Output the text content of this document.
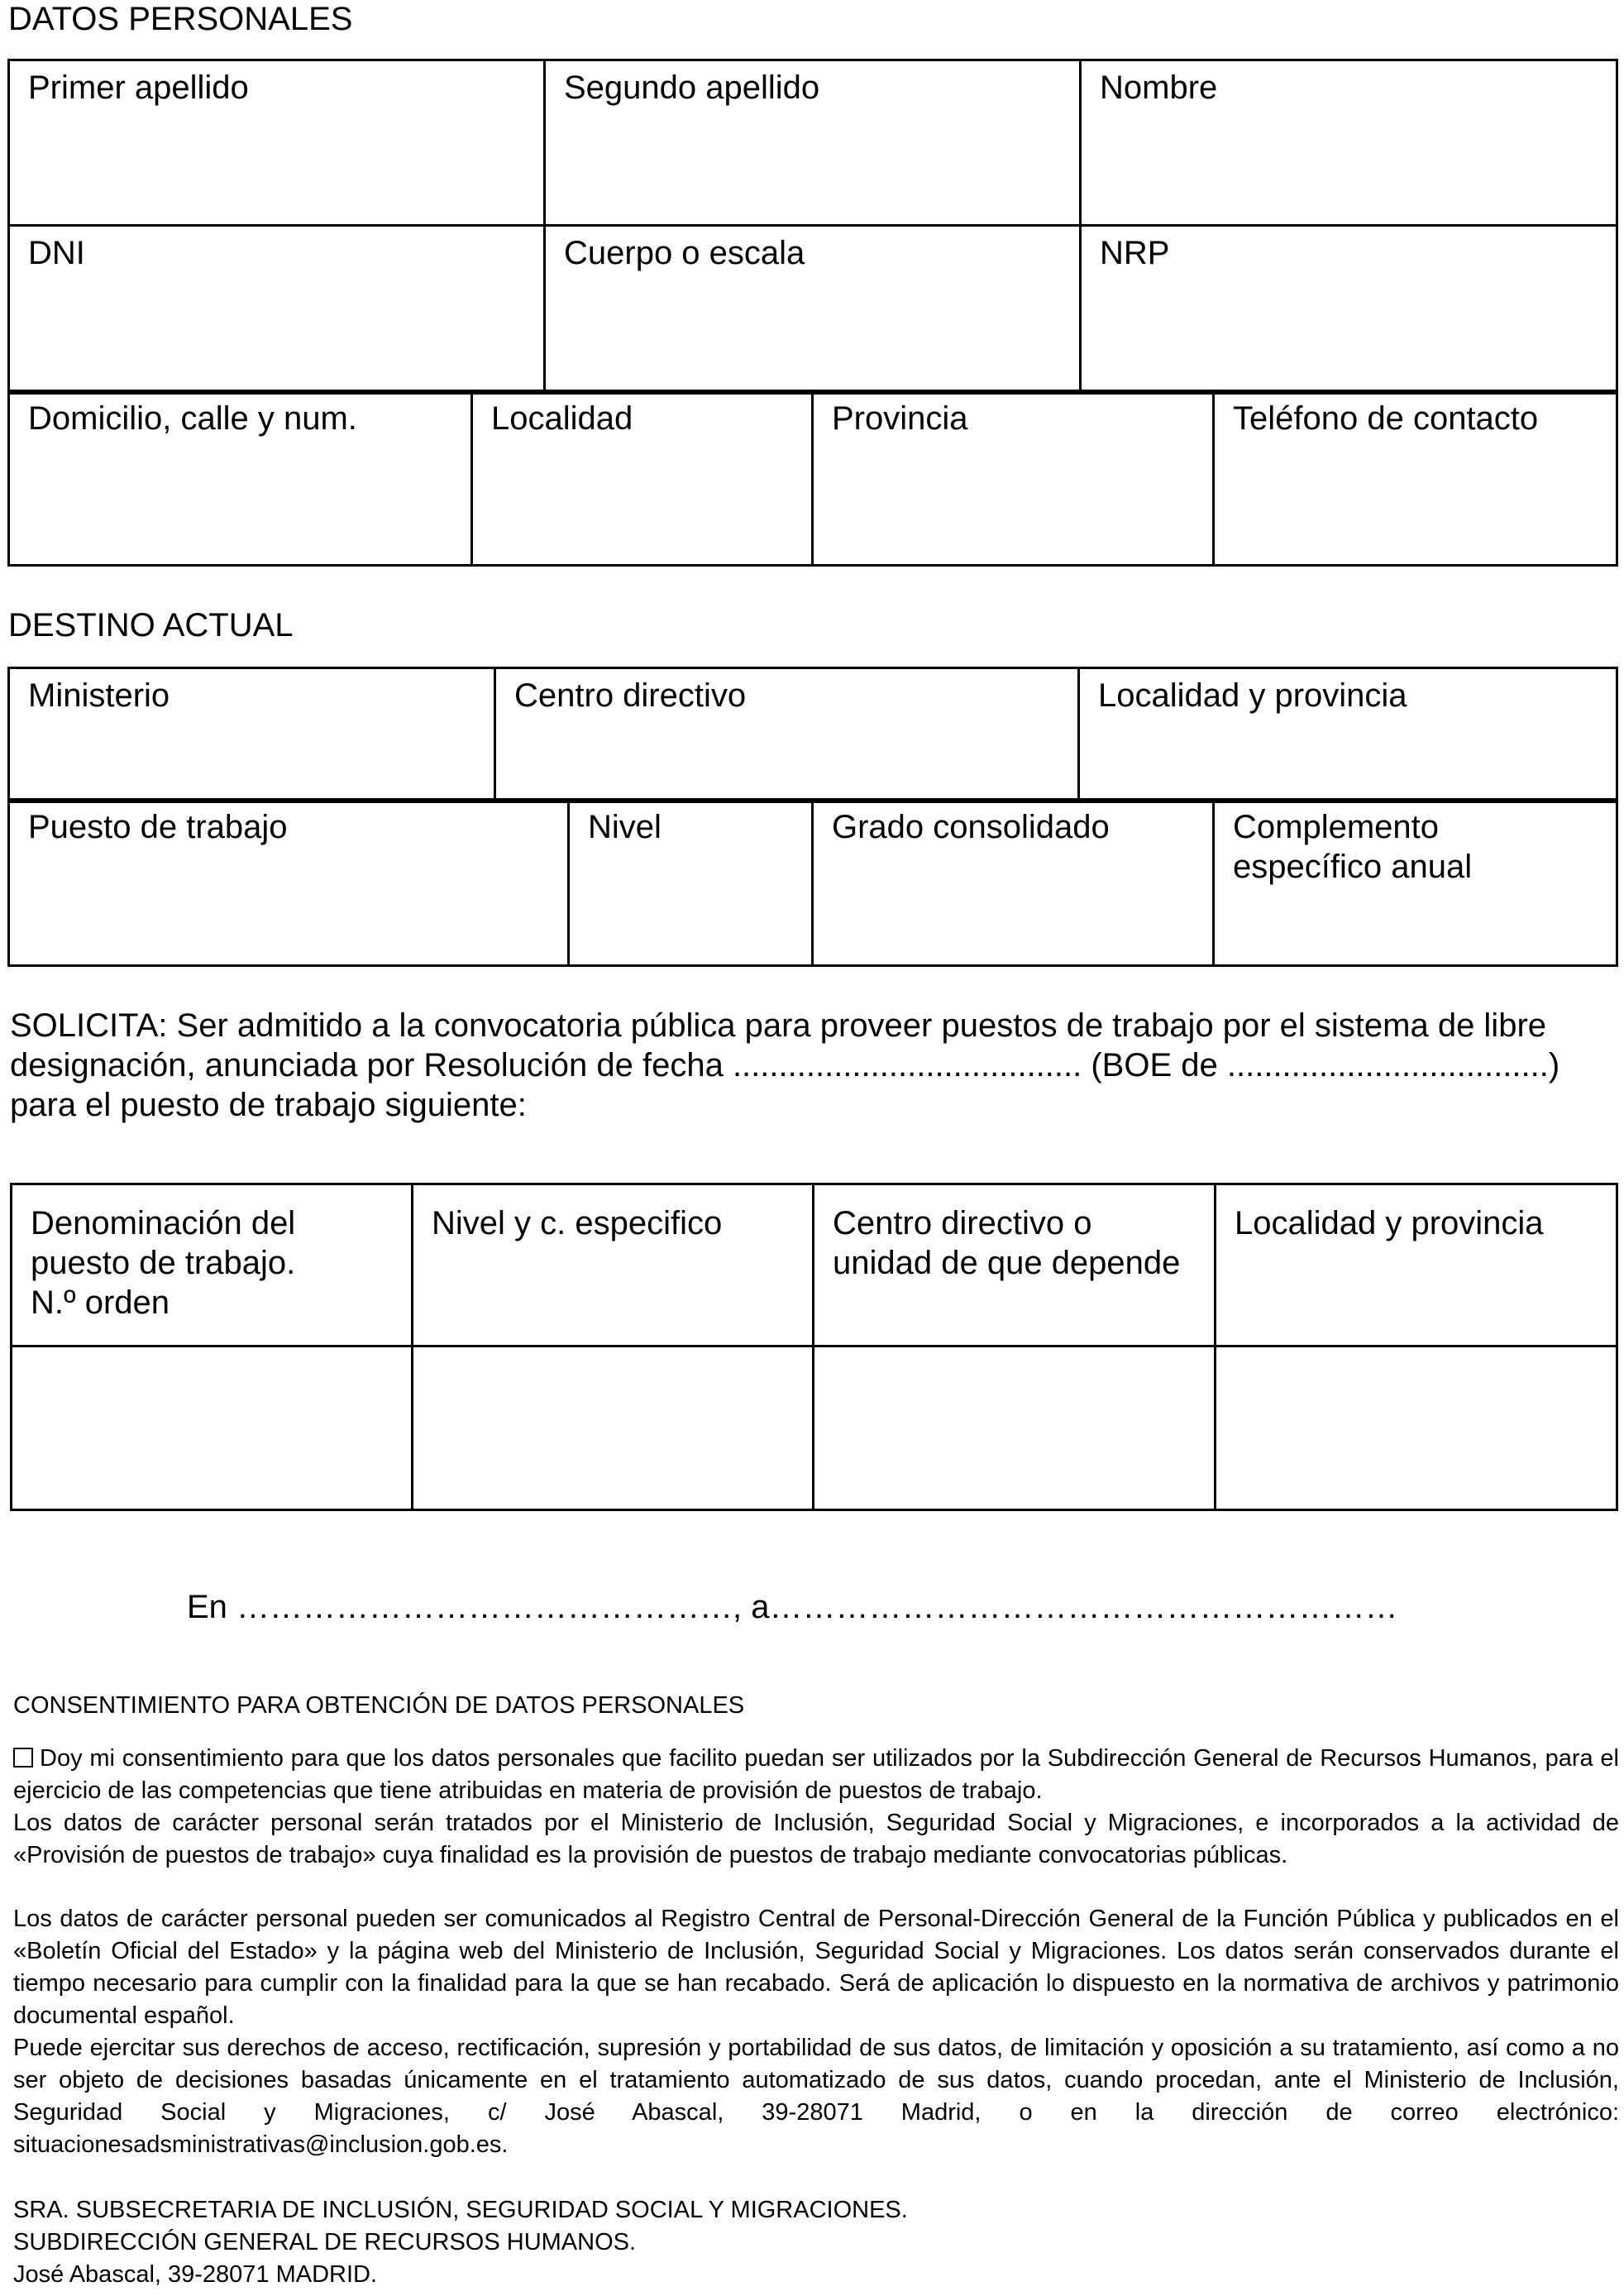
DATOS PERSONALES
Primer apellido	Segundo apellido	Nombre

DNI	Cuerpo o escala	NRP
Domicilio, calle y num.	Localidad	Provincia	Teléfono de contacto
DESTINO ACTUAL
Ministerio	Centro directivo	Localidad y provincia
Puesto de trabajo	Nivel	Grado consolidado	Complemento específico anual
SOLICITA: Ser admitido a la convocatoria pública para proveer puestos de trabajo por el sistema de libre
designación, anunciada por Resolución de fecha ...................................... (BOE de ...................................)
para el puesto de trabajo siguiente:
Denominación del puesto de trabajo. N.º orden	Nivel y c. especifico	Centro directivo o unidad de que depende	Localidad y provincia

En ………………………………………, a…………………………………………………

CONSENTIMIENTO PARA OBTENCIÓN DE DATOS PERSONALES

Doy mi consentimiento para que los datos personales que facilito puedan ser utilizados por la Subdirección General de Recursos Humanos, para el ejercicio de las competencias que tiene atribuidas en materia de provisión de puestos de trabajo.

Los datos de carácter personal serán tratados por el Ministerio de Inclusión, Seguridad Social y Migraciones, e incorporados a la actividad de «Provisión de puestos de trabajo» cuya finalidad es la provisión de puestos de trabajo mediante convocatorias públicas.

Los datos de carácter personal pueden ser comunicados al Registro Central de Personal-Dirección General de la Función Pública y publicados en el «Boletín Oficial del Estado» y la página web del Ministerio de Inclusión, Seguridad Social y Migraciones. Los datos serán conservados durante el tiempo necesario para cumplir con la finalidad para la que se han recabado. Será de aplicación lo dispuesto en la normativa de archivos y patrimonio documental español.

Puede ejercitar sus derechos de acceso, rectificación, supresión y portabilidad de sus datos, de limitación y oposición a su tratamiento, así como a no ser objeto de decisiones basadas únicamente en el tratamiento automatizado de sus datos, cuando procedan, ante el Ministerio de Inclusión, Seguridad Social y Migraciones, c/ José Abascal, 39-28071 Madrid, o en la dirección de correo electrónico: situacionesadsministrativas@inclusion.gob.es.

SRA. SUBSECRETARIA DE INCLUSIÓN, SEGURIDAD SOCIAL Y MIGRACIONES.

SUBDIRECCIÓN GENERAL DE RECURSOS HUMANOS.

José Abascal, 39-28071 MADRID.
